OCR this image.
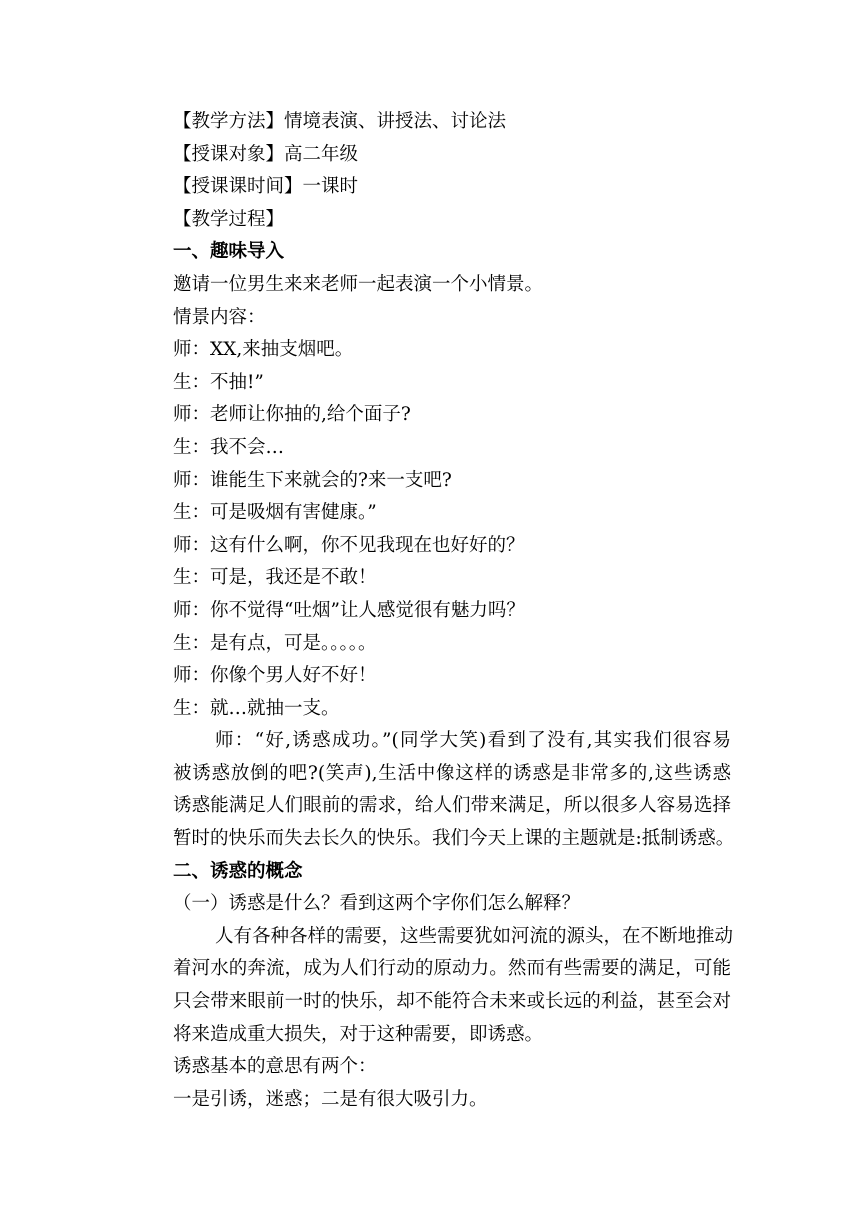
【教学方法】情境表演、讲授法、讨论法

【授课对象】高二年级

【授课课时间】一课时

【教学过程】

一、趣味导入

邀请一位男生来来老师一起表演一个小情景。

情景内容：

师：XX,来抽支烟吧。

生：不抽!”

师：老师让你抽的,给个面子?

生：我不会…

师：谁能生下来就会的?来一支吧?

生：可是吸烟有害健康。”

师：这有什么啊，你不见我现在也好好的？

生：可是，我还是不敢！

师：你不觉得“吐烟”让人感觉很有魅力吗？

生：是有点，可是。。。。。

师：你像个男人好不好！

生：就…就抽一支。

师：“好,诱惑成功。”(同学大笑)看到了没有,其实我们很容易
被诱惑放倒的吧?(笑声),生活中像这样的诱惑是非常多的,这些诱惑
诱惑能满足人们眼前的需求，给人们带来满足，所以很多人容易选择
暂时的快乐而失去长久的快乐。我们今天上课的主题就是:抵制诱惑。

二、诱惑的概念

（一）诱惑是什么？看到这两个字你们怎么解释？

人有各种各样的需要，这些需要犹如河流的源头，在不断地推动
着河水的奔流，成为人们行动的原动力。然而有些需要的满足，可能
只会带来眼前一时的快乐，却不能符合未来或长远的利益，甚至会对
将来造成重大损失，对于这种需要，即诱惑。

诱惑基本的意思有两个：

一是引诱，迷惑；二是有很大吸引力。
